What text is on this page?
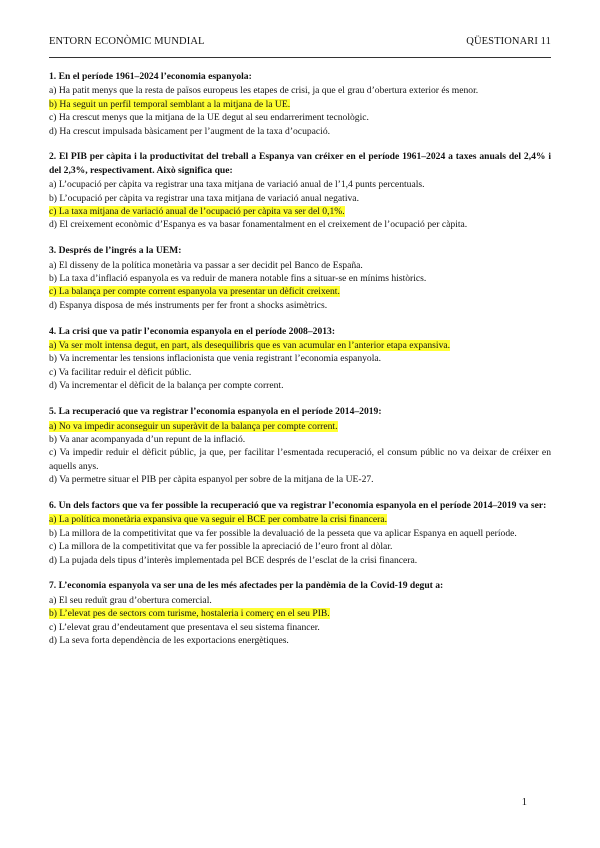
ENTORN ECONÒMIC MUNDIAL	QÜESTIONARI 11
1. En el període 1961–2024 l’economia espanyola:
a) Ha patit menys que la resta de països europeus les etapes de crisi, ja que el grau d’obertura exterior és menor.
b) Ha seguit un perfil temporal semblant a la mitjana de la UE.
c) Ha crescut menys que la mitjana de la UE degut al seu endarreriment tecnològic.
d) Ha crescut impulsada bàsicament per l’augment de la taxa d’ocupació.
2. El PIB per càpita i la productivitat del treball a Espanya van créixer en el període 1961–2024 a taxes anuals del 2,4% i del 2,3%, respectivament. Això significa que:
a) L’ocupació per càpita va registrar una taxa mitjana de variació anual de l’1,4 punts percentuals.
b) L’ocupació per càpita va registrar una taxa mitjana de variació anual negativa.
c) La taxa mitjana de variació anual de l’ocupació per càpita va ser del 0,1%.
d) El creixement econòmic d’Espanya es va basar fonamentalment en el creixement de l’ocupació per càpita.
3. Després de l’ingrés a la UEM:
a) El disseny de la política monetària va passar a ser decidit pel Banco de España.
b) La taxa d’inflació espanyola es va reduir de manera notable fins a situar-se en mínims històrics.
c) La balança per compte corrent espanyola va presentar un dèficit creixent.
d) Espanya disposa de més instruments per fer front a shocks asimètrics.
4. La crisi que va patir l’economia espanyola en el període 2008–2013:
a) Va ser molt intensa degut, en part, als desequilibris que es van acumular en l’anterior etapa expansiva.
b) Va incrementar les tensions inflacionista que venia registrant l’economia espanyola.
c) Va facilitar reduir el dèficit públic.
d) Va incrementar el dèficit de la balança per compte corrent.
5. La recuperació que va registrar l’economia espanyola en el període 2014–2019:
a) No va impedir aconseguir un superàvit de la balança per compte corrent.
b) Va anar acompanyada d’un repunt de la inflació.
c) Va impedir reduir el dèficit públic, ja que, per facilitar l’esmentada recuperació, el consum públic no va deixar de créixer en aquells anys.
d) Va permetre situar el PIB per càpita espanyol per sobre de la mitjana de la UE-27.
6. Un dels factors que va fer possible la recuperació que va registrar l’economia espanyola en el període 2014–2019 va ser:
a) La política monetària expansiva que va seguir el BCE per combatre la crisi financera.
b) La millora de la competitivitat que va fer possible la devaluació de la pesseta que va aplicar Espanya en aquell període.
c) La millora de la competitivitat que va fer possible la apreciació de l’euro front al dòlar.
d) La pujada dels tipus d’interès implementada pel BCE després de l’esclat de la crisi financera.
7. L’economia espanyola va ser una de les més afectades per la pandèmia de la Covid-19 degut a:
a) El seu reduït grau d’obertura comercial.
b) L’elevat pes de sectors com turisme, hostaleria i comerç en el seu PIB.
c) L’elevat grau d’endeutament que presentava el seu sistema financer.
d) La seva forta dependència de les exportacions energètiques.
1
